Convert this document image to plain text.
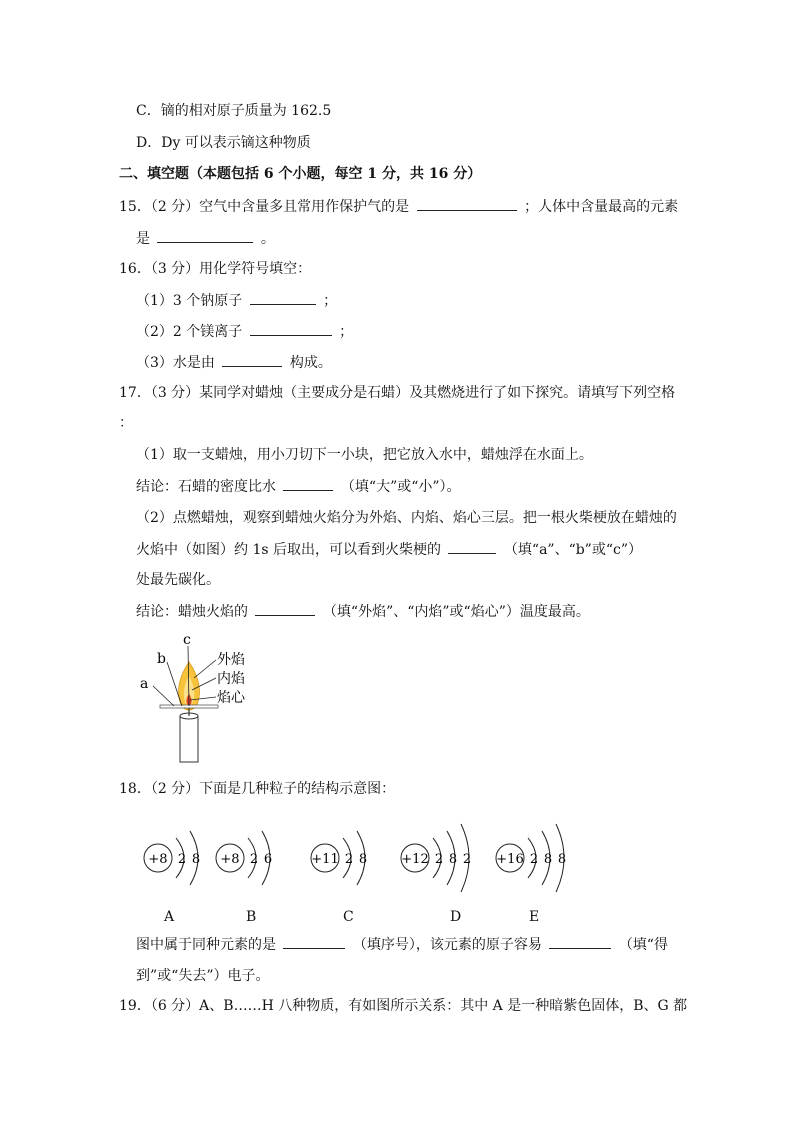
C．镝的相对原子质量为 162.5
D．Dy 可以表示镝这种物质
二、填空题（本题包括 6 个小题，每空 1 分，共 16 分）
15．（2 分）空气中含量多且常用作保护气的是	；人体中含量最高的元素
是	。
16．（3 分）用化学符号填空：
（1）3 个钠原子	；
（2）2 个镁离子	；
（3）水是由	构成。
17．（3 分）某同学对蜡烛（主要成分是石蜡）及其燃烧进行了如下探究。请填写下列空格
：
（1）取一支蜡烛，用小刀切下一小块，把它放入水中，蜡烛浮在水面上。
结论：石蜡的密度比水	（填“大”或“小”）。
（2）点燃蜡烛，观察到蜡烛火焰分为外焰、内焰、焰心三层。把一根火柴梗放在蜡烛的
火焰中（如图）约 1s 后取出，可以看到火柴梗的	（填“a”、“b”或“c”）
处最先碳化。
结论：蜡烛火焰的	（填“外焰”、“内焰”或“焰心”）温度最高。
a
b
c
外焰
内焰
焰心
18．（2 分）下面是几种粒子的结构示意图：
+8 2 8 +8 2 6	+11 2 8	+12 2 8 2 +16 2 8 8
A	B	C	D	E
图中属于同种元素的是	（填序号），该元素的原子容易	（填“得
到”或“失去”）电子。
19．（6 分）A、B……H 八种物质，有如图所示关系：其中 A 是一种暗紫色固体，B、G 都
